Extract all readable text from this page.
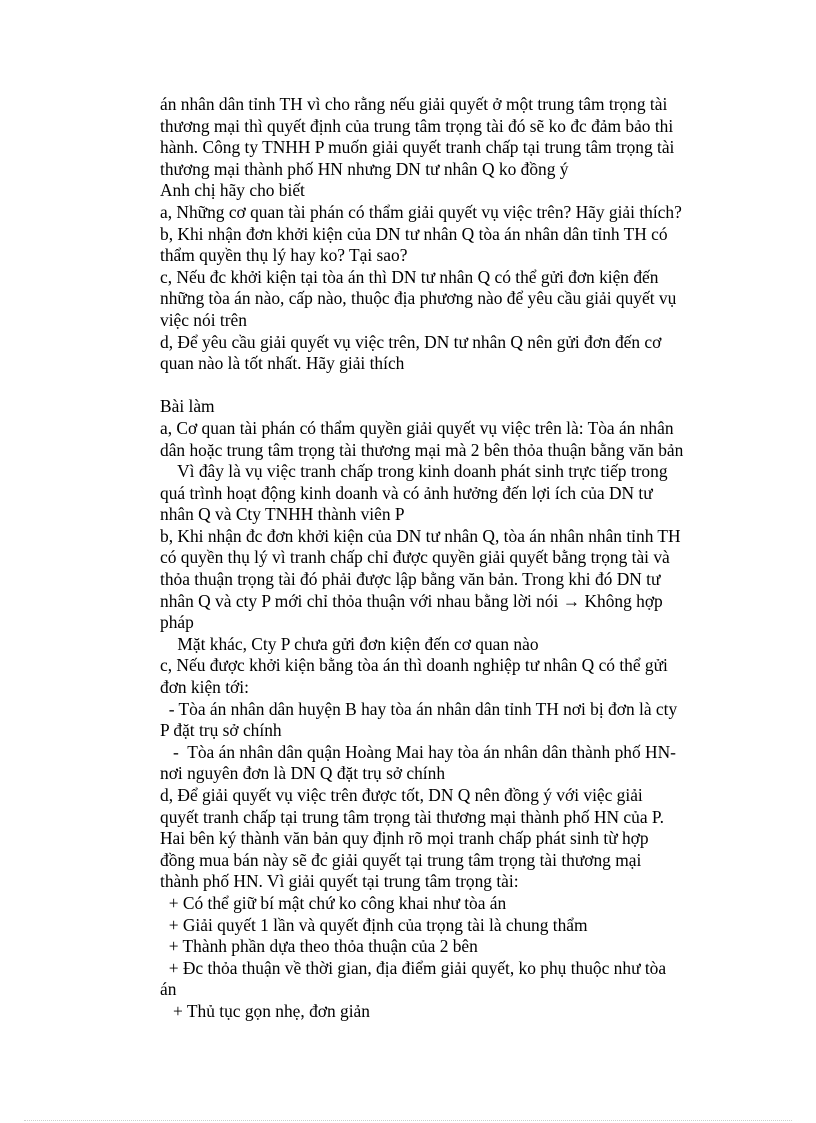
án nhân dân tỉnh TH vì cho rằng nếu giải quyết ở một trung tâm trọng tài
thương mại thì quyết định của trung tâm trọng tài đó sẽ ko đc đảm bảo thi
hành. Công ty TNHH P muốn giải quyết tranh chấp tại trung tâm trọng tài
thương mại thành phố HN nhưng DN tư nhân Q ko đồng ý
Anh chị hãy cho biết
a, Những cơ quan tài phán có thẩm giải quyết vụ việc trên? Hãy giải thích?
b, Khi nhận đơn khởi kiện của DN tư nhân Q tòa án nhân dân tỉnh TH có
thẩm quyền thụ lý hay ko? Tại sao?
c, Nếu đc khởi kiện tại tòa án thì DN tư nhân Q có thể gửi đơn kiện đến
những tòa án nào, cấp nào, thuộc địa phương nào để yêu cầu giải quyết vụ
việc nói trên
d, Để yêu cầu giải quyết vụ việc trên, DN tư nhân Q nên gửi đơn đến cơ
quan nào là tốt nhất. Hãy giải thích
Bài làm
a, Cơ quan tài phán có thẩm quyền giải quyết vụ việc trên là: Tòa án nhân
dân hoặc trung tâm trọng tài thương mại mà 2 bên thỏa thuận bằng văn bản
Vì đây là vụ việc tranh chấp trong kinh doanh phát sinh trực tiếp trong
quá trình hoạt động kinh doanh và có ảnh hưởng đến lợi ích của DN tư
nhân Q và Cty TNHH thành viên P
b, Khi nhận đc đơn khởi kiện của DN tư nhân Q, tòa án nhân nhân tỉnh TH
có quyền thụ lý vì tranh chấp chỉ được quyền giải quyết bằng trọng tài và
thỏa thuận trọng tài đó phải được lập bằng văn bản. Trong khi đó DN tư
nhân Q và cty P mới chỉ thỏa thuận với nhau bằng lời nói → Không hợp
pháp
Mặt khác, Cty P chưa gửi đơn kiện đến cơ quan nào
c, Nếu được khởi kiện bằng tòa án thì doanh nghiệp tư nhân Q có thể gửi
đơn kiện tới:
- Tòa án nhân dân huyện B hay tòa án nhân dân tỉnh TH nơi bị đơn là cty
P đặt trụ sở chính
-  Tòa án nhân dân quận Hoàng Mai hay tòa án nhân dân thành phố HN-
nơi nguyên đơn là DN Q đặt trụ sở chính
d, Để giải quyết vụ việc trên được tốt, DN Q nên đồng ý với việc giải
quyết tranh chấp tại trung tâm trọng tài thương mại thành phố HN của P.
Hai bên ký thành văn bản quy định rõ mọi tranh chấp phát sinh từ hợp
đồng mua bán này sẽ đc giải quyết tại trung tâm trọng tài thương mại
thành phố HN. Vì giải quyết tại trung tâm trọng tài:
+ Có thể giữ bí mật chứ ko công khai như tòa án
+ Giải quyết 1 lần và quyết định của trọng tài là chung thẩm
+ Thành phần dựa theo thỏa thuận của 2 bên
+ Đc thỏa thuận về thời gian, địa điểm giải quyết, ko phụ thuộc như tòa
án
+ Thủ tục gọn nhẹ, đơn giản
